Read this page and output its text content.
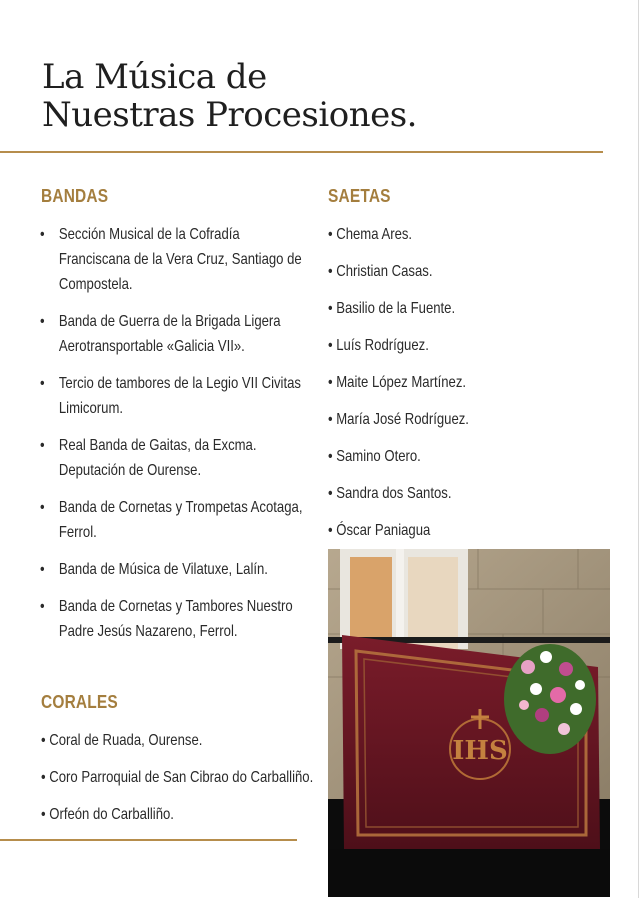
La Música de
Nuestras Procesiones.
BANDAS
• Sección Musical de la Cofradía Franciscana de la Vera Cruz, Santiago de Compostela.
• Banda de Guerra de la Brigada Ligera Aerotransportable «Galicia VII».
• Tercio de tambores de la Legio VII Civitas Limicorum.
• Real Banda de Gaitas, da Excma. Deputación de Ourense.
• Banda de Cornetas y Trompetas Acotaga, Ferrol.
• Banda de Música de Vilatuxe, Lalín.
• Banda de Cornetas y Tambores Nuestro Padre Jesús Nazareno, Ferrol.
SAETAS
• Chema Ares.
• Christian Casas.
• Basilio de la Fuente.
• Luís Rodríguez.
• Maite López Martínez.
• María José Rodríguez.
• Samino Otero.
• Sandra dos Santos.
• Óscar Paniagua
CORALES
• Coral de Ruada, Ourense.
• Coro Parroquial de San Cibrao do Carballiño.
• Orfeón do Carballiño.
IHS
